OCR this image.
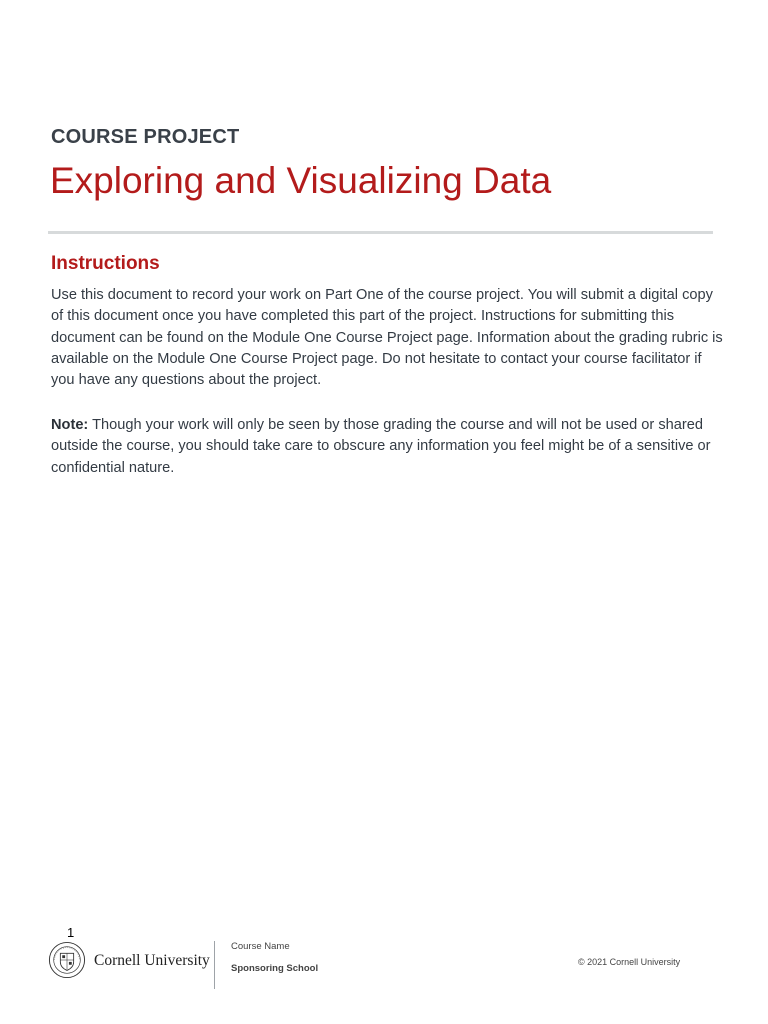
COURSE PROJECT
Exploring and Visualizing Data
Instructions

Use this document to record your work on Part One of the course project. You will submit a digital copy of this document once you have completed this part of the project. Instructions for submitting this document can be found on the Module One Course Project page. Information about the grading rubric is available on the Module One Course Project page. Do not hesitate to contact your course facilitator if you have any questions about the project.

Note: Though your work will only be seen by those grading the course and will not be used or shared outside the course, you should take care to obscure any information you feel might be of a sensitive or confidential nature.

1
Cornell University
Course Name
Sponsoring School
© 2021 Cornell University
